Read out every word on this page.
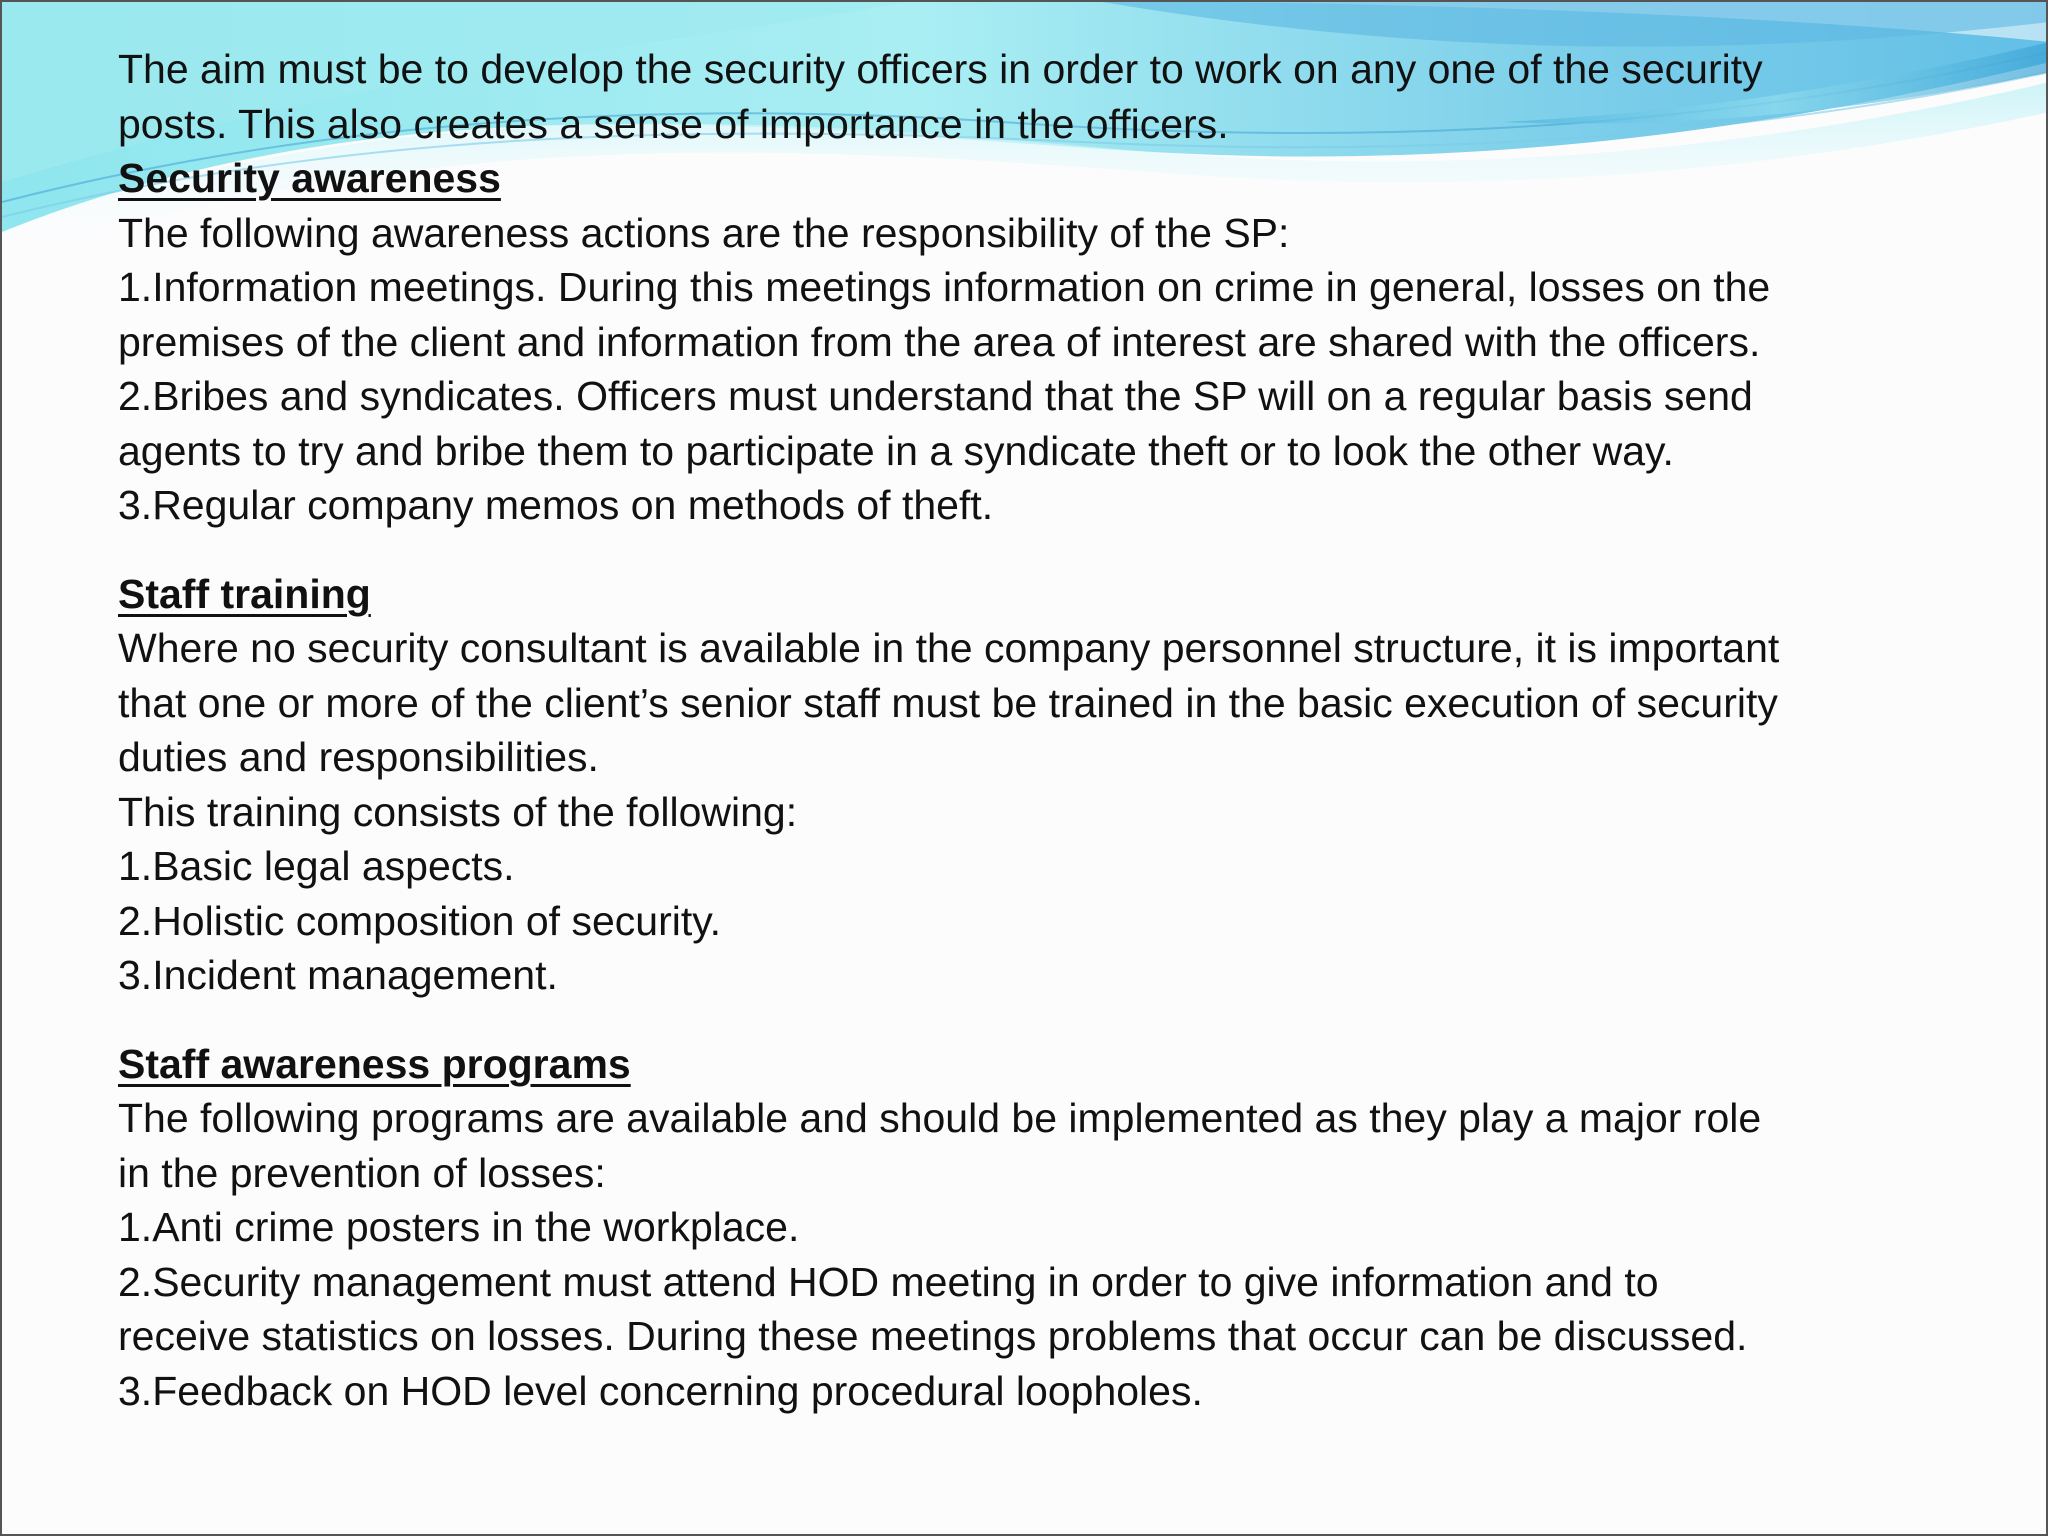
The aim must be to develop the security officers in order to work on any one of the security
posts. This also creates a sense of importance in the officers.
Security awareness
The following awareness actions are the responsibility of the SP:
1.Information meetings. During this meetings information on crime in general, losses on the
premises of the client and information from the area of interest are shared with the officers.
2.Bribes and syndicates. Officers must understand that the SP will on a regular basis send
agents to try and bribe them to participate in a syndicate theft or to look the other way.
3.Regular company memos on methods of theft.
Staff training
Where no security consultant is available in the company personnel structure, it is important
that one or more of the client’s senior staff must be trained in the basic execution of security
duties and responsibilities.
This training consists of the following:
1.Basic legal aspects.
2.Holistic composition of security.
3.Incident management.
Staff awareness programs
The following programs are available and should be implemented as they play a major role
in the prevention of losses:
1.Anti crime posters in the workplace.
2.Security management must attend HOD meeting in order to give information and to
receive statistics on losses. During these meetings problems that occur can be discussed.
3.Feedback on HOD level concerning procedural loopholes.
